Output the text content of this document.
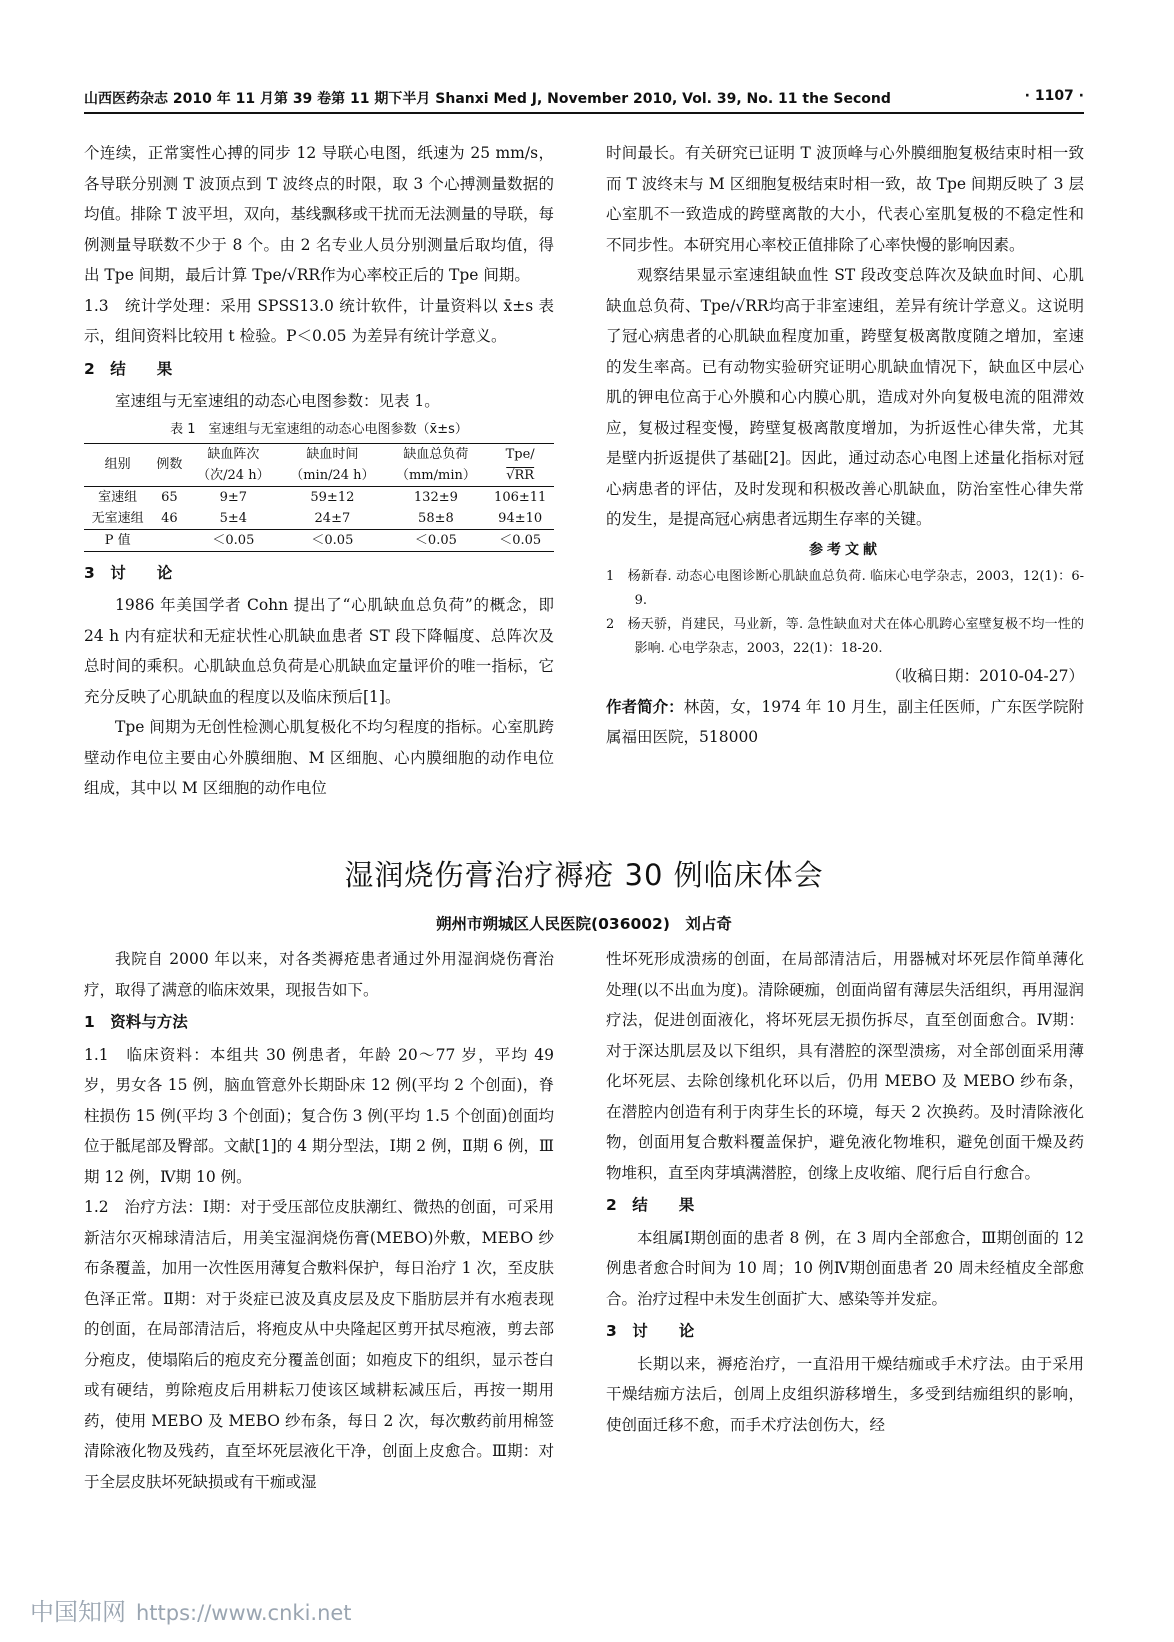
山西医药杂志 2010 年 11 月第 39 卷第 11 期下半月 Shanxi Med J, November 2010, Vol. 39, No. 11 the Second	· 1107 ·

个连续，正常窦性心搏的同步 12 导联心电图，纸速为 25 mm/s，各导联分别测 T 波顶点到 T 波终点的时限，取 3 个心搏测量数据的均值。排除 T 波平坦，双向，基线飘移或干扰而无法测量的导联，每例测量导联数不少于 8 个。由 2 名专业人员分别测量后取均值，得出 Tpe 间期，最后计算 Tpe/√RR作为心率校正后的 Tpe 间期。

1.3　统计学处理：采用 SPSS13.0 统计软件，计量资料以 x̄±s 表示，组间资料比较用 t 检验。P＜0.05 为差异有统计学意义。

2　结　　果

室速组与无室速组的动态心电图参数：见表 1。

表 1　室速组与无室速组的动态心电图参数（x̄±s）

组别	例数	缺血阵次	缺血时间	缺血总负荷	Tpe/
		（次/24 h）	（min/24 h）	（mm/min）	√RR
室速组	65	9±7	59±12	132±9	106±11
无室速组	46	5±4	24±7	58±8	94±10
P 值		＜0.05	＜0.05	＜0.05	＜0.05

3　讨　　论

1986 年美国学者 Cohn 提出了“心肌缺血总负荷”的概念，即 24 h 内有症状和无症状性心肌缺血患者 ST 段下降幅度、总阵次及总时间的乘积。心肌缺血总负荷是心肌缺血定量评价的唯一指标，它充分反映了心肌缺血的程度以及临床预后[1]。

Tpe 间期为无创性检测心肌复极化不均匀程度的指标。心室肌跨壁动作电位主要由心外膜细胞、M 区细胞、心内膜细胞的动作电位组成，其中以 M 区细胞的动作电位

时间最长。有关研究已证明 T 波顶峰与心外膜细胞复极结束时相一致而 T 波终末与 M 区细胞复极结束时相一致，故 Tpe 间期反映了 3 层心室肌不一致造成的跨壁离散的大小，代表心室肌复极的不稳定性和不同步性。本研究用心率校正值排除了心率快慢的影响因素。

观察结果显示室速组缺血性 ST 段改变总阵次及缺血时间、心肌缺血总负荷、Tpe/√RR均高于非室速组，差异有统计学意义。这说明了冠心病患者的心肌缺血程度加重，跨壁复极离散度随之增加，室速的发生率高。已有动物实验研究证明心肌缺血情况下，缺血区中层心肌的钾电位高于心外膜和心内膜心肌，造成对外向复极电流的阻滞效应，复极过程变慢，跨壁复极离散度增加，为折返性心律失常，尤其是壁内折返提供了基础[2]。因此，通过动态心电图上述量化指标对冠心病患者的评估，及时发现和积极改善心肌缺血，防治室性心律失常的发生，是提高冠心病患者远期生存率的关键。

参考文献

1　杨新春. 动态心电图诊断心肌缺血总负荷. 临床心电学杂志，2003，12(1)：6-9.

2　杨天骄，肖建民，马业新，等. 急性缺血对犬在体心肌跨心室壁复极不均一性的影响. 心电学杂志，2003，22(1)：18-20.

（收稿日期：2010-04-27）

作者简介：林茵，女，1974 年 10 月生，副主任医师，广东医学院附属福田医院，518000

湿润烧伤膏治疗褥疮 30 例临床体会
朔州市朔城区人民医院(036002)　刘占奇

我院自 2000 年以来，对各类褥疮患者通过外用湿润烧伤膏治疗，取得了满意的临床效果，现报告如下。

1　资料与方法

1.1　临床资料：本组共 30 例患者，年龄 20～77 岁，平均 49 岁，男女各 15 例，脑血管意外长期卧床 12 例(平均 2 个创面)，脊柱损伤 15 例(平均 3 个创面)；复合伤 3 例(平均 1.5 个创面)创面均位于骶尾部及臀部。文献[1]的 4 期分型法，Ⅰ期 2 例，Ⅱ期 6 例，Ⅲ期 12 例，Ⅳ期 10 例。

1.2　治疗方法：Ⅰ期：对于受压部位皮肤潮红、微热的创面，可采用新洁尔灭棉球清洁后，用美宝湿润烧伤膏(MEBO)外敷，MEBO 纱布条覆盖，加用一次性医用薄复合敷料保护，每日治疗 1 次，至皮肤色泽正常。Ⅱ期：对于炎症已波及真皮层及皮下脂肪层并有水疱表现的创面，在局部清洁后，将疱皮从中央隆起区剪开拭尽疱液，剪去部分疱皮，使塌陷后的疱皮充分覆盖创面；如疱皮下的组织，显示苍白或有硬结，剪除疱皮后用耕耘刀使该区域耕耘减压后，再按一期用药，使用 MEBO 及 MEBO 纱布条，每日 2 次，每次敷药前用棉签清除液化物及残药，直至坏死层液化干净，创面上皮愈合。Ⅲ期：对于全层皮肤坏死缺损或有干痂或湿

性坏死形成溃疡的创面，在局部清洁后，用器械对坏死层作简单薄化处理(以不出血为度)。清除硬痂，创面尚留有薄层失活组织，再用湿润疗法，促进创面液化，将坏死层无损伤拆尽，直至创面愈合。Ⅳ期：对于深达肌层及以下组织，具有潜腔的深型溃疡，对全部创面采用薄化坏死层、去除创缘机化环以后，仍用 MEBO 及 MEBO 纱布条，在潜腔内创造有利于肉芽生长的环境，每天 2 次换药。及时清除液化物，创面用复合敷料覆盖保护，避免液化物堆积，避免创面干燥及药物堆积，直至肉芽填满潜腔，创缘上皮收缩、爬行后自行愈合。

2　结　　果

本组属Ⅰ期创面的患者 8 例，在 3 周内全部愈合，Ⅲ期创面的 12 例患者愈合时间为 10 周；10 例Ⅳ期创面患者 20 周未经植皮全部愈合。治疗过程中未发生创面扩大、感染等并发症。

3　讨　　论

长期以来，褥疮治疗，一直沿用干燥结痂或手术疗法。由于采用干燥结痂方法后，创周上皮组织游移增生，多受到结痂组织的影响，使创面迁移不愈，而手术疗法创伤大，经

中国知网 https://www.cnki.net
